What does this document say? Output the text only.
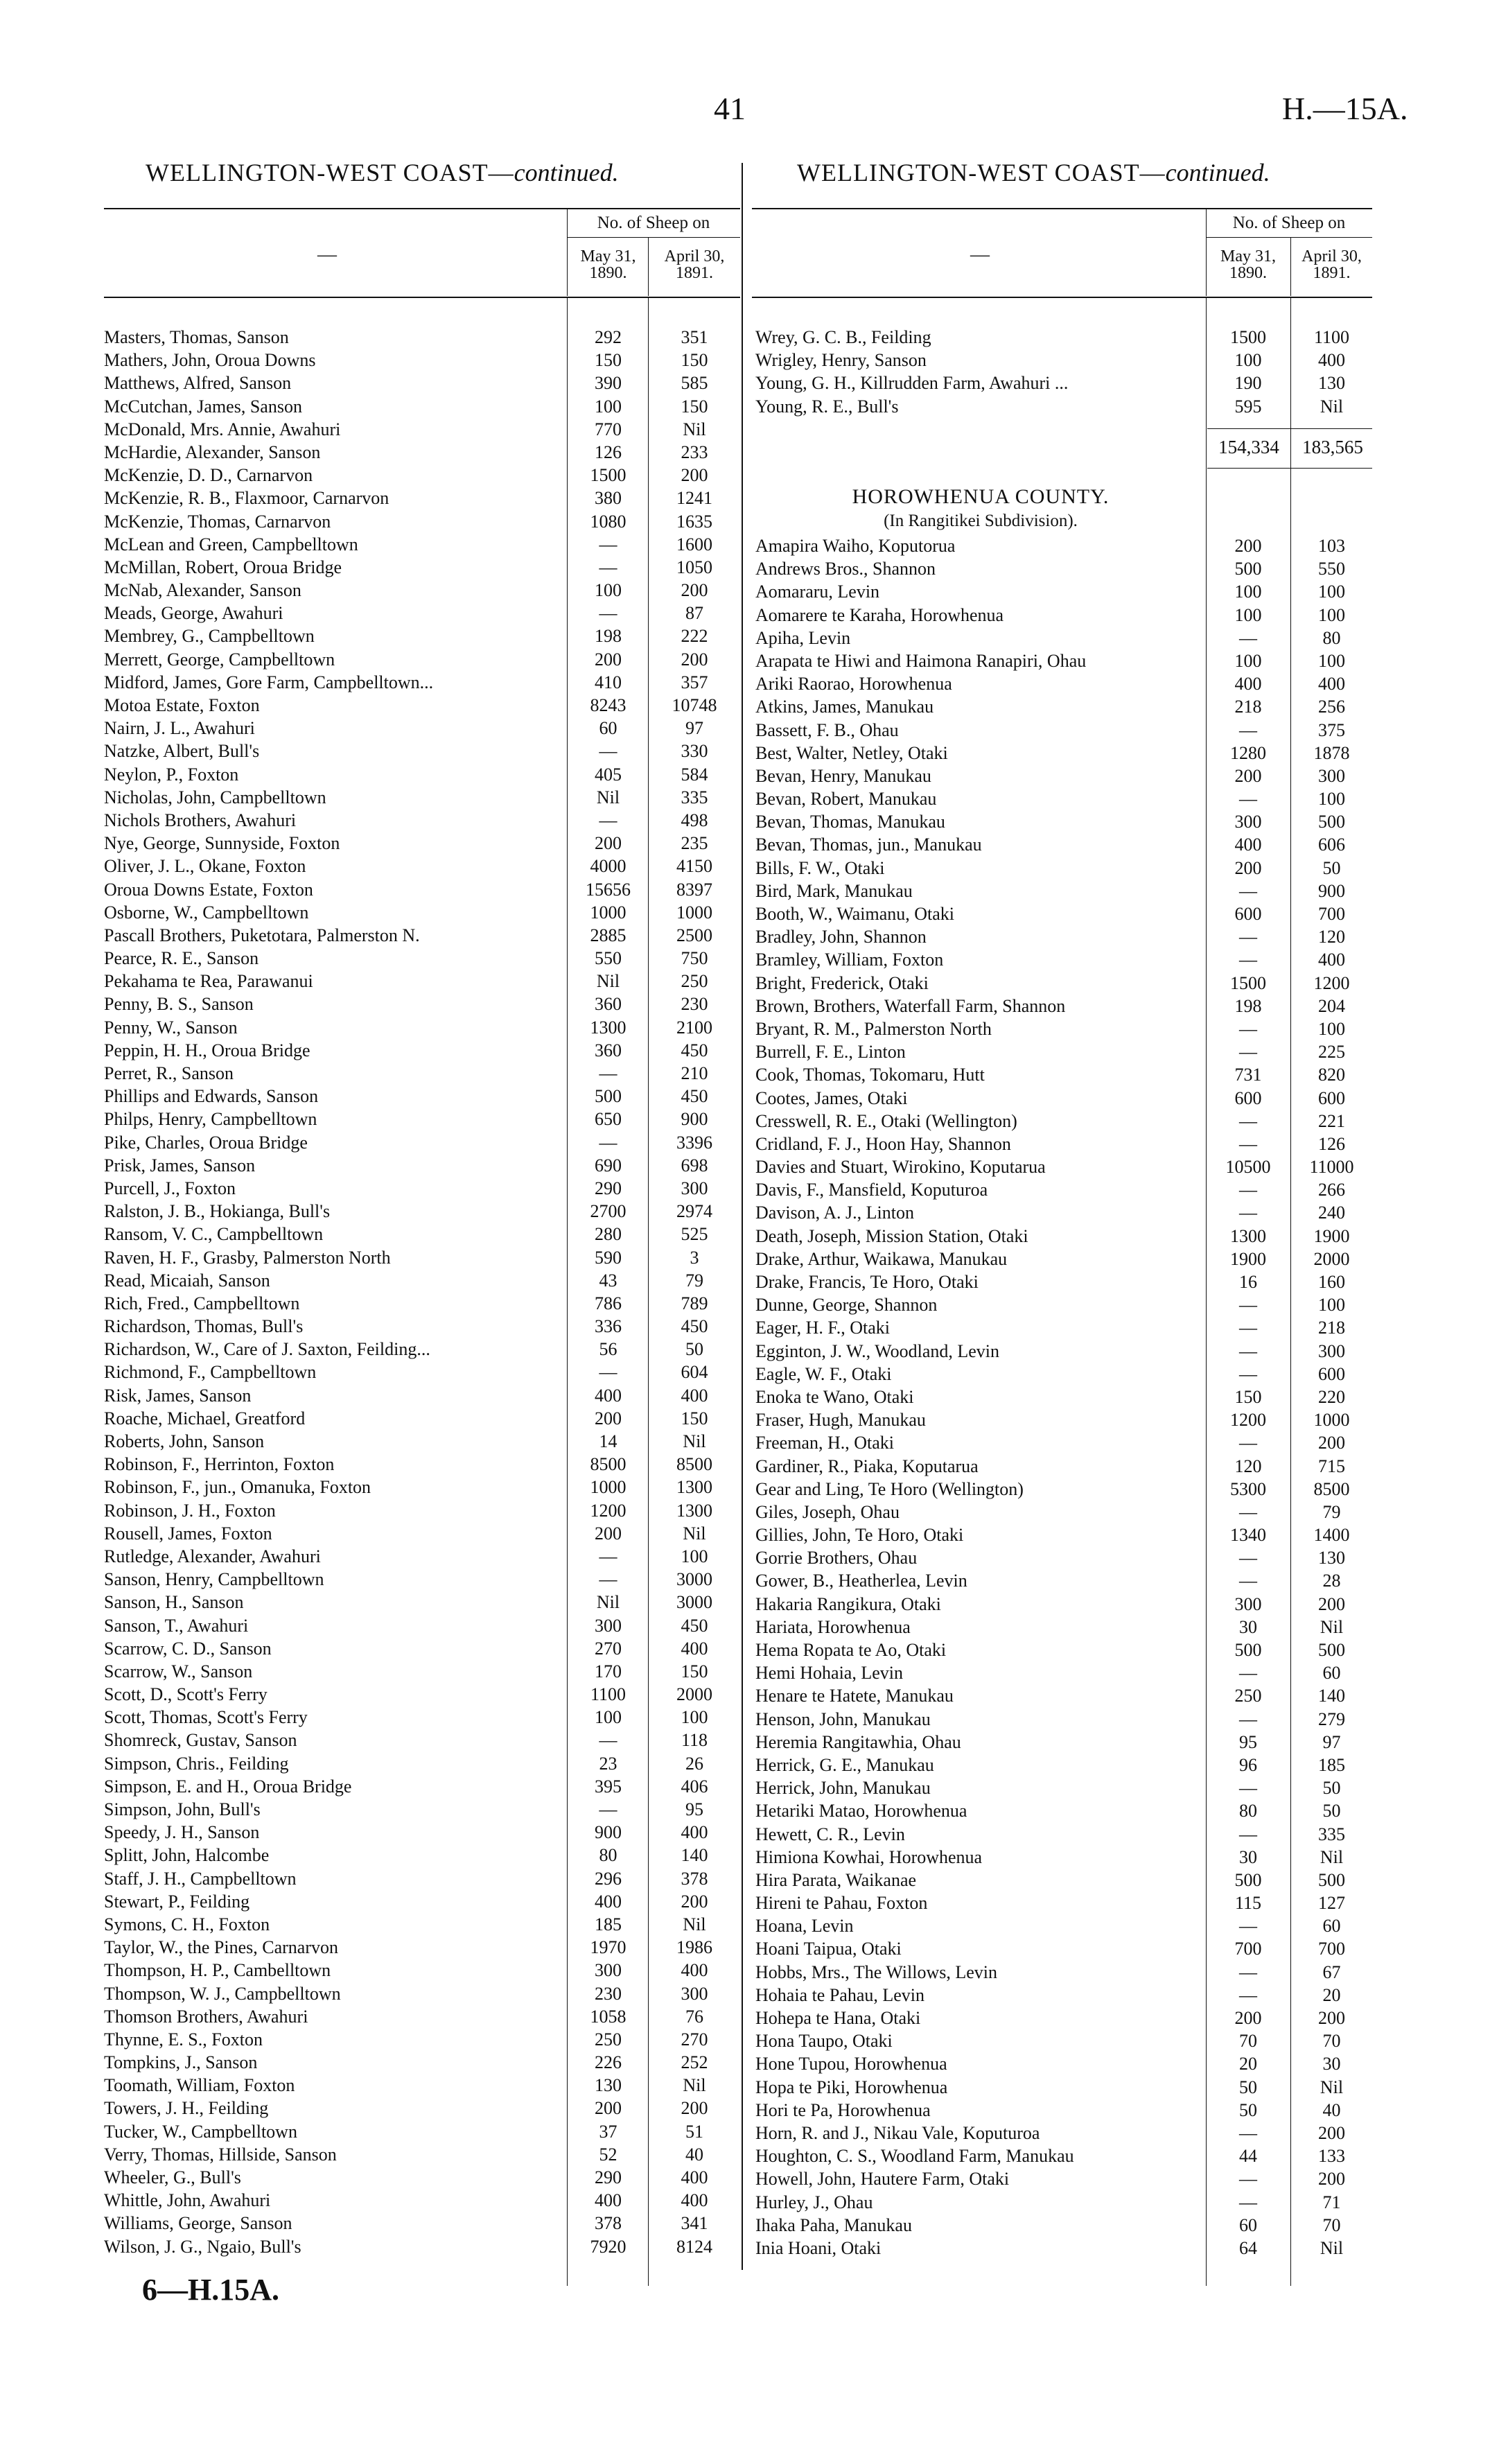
41	H.—15A.
WELLINGTON-WEST COAST—continued.	WELLINGTON-WEST COAST—continued.
No. of Sheep on
May 31, 1890.
April 30, 1891.
—
Masters, Thomas, Sanson	292	351
Mathers, John, Oroua Downs	150	150
Matthews, Alfred, Sanson	390	585
McCutchan, James, Sanson	100	150
McDonald, Mrs. Annie, Awahuri	770	Nil
McHardie, Alexander, Sanson	126	233
McKenzie, D. D., Carnarvon	1500	200
McKenzie, R. B., Flaxmoor, Carnarvon	380	1241
McKenzie, Thomas, Carnarvon	1080	1635
McLean and Green, Campbelltown	—	1600
McMillan, Robert, Oroua Bridge	—	1050
McNab, Alexander, Sanson	100	200
Meads, George, Awahuri	—	87
Membrey, G., Campbelltown	198	222
Merrett, George, Campbelltown	200	200
Midford, James, Gore Farm, Campbelltown...	410	357
Motoa Estate, Foxton	8243	10748
Nairn, J. L., Awahuri	60	97
Natzke, Albert, Bull's	—	330
Neylon, P., Foxton	405	584
Nicholas, John, Campbelltown	Nil	335
Nichols Brothers, Awahuri	—	498
Nye, George, Sunnyside, Foxton	200	235
Oliver, J. L., Okane, Foxton	4000	4150
Oroua Downs Estate, Foxton	15656	8397
Osborne, W., Campbelltown	1000	1000
Pascall Brothers, Puketotara, Palmerston N.	2885	2500
Pearce, R. E., Sanson	550	750
Pekahama te Rea, Parawanui	Nil	250
Penny, B. S., Sanson	360	230
Penny, W., Sanson	1300	2100
Peppin, H. H., Oroua Bridge	360	450
Perret, R., Sanson	—	210
Phillips and Edwards, Sanson	500	450
Philps, Henry, Campbelltown	650	900
Pike, Charles, Oroua Bridge	—	3396
Prisk, James, Sanson	690	698
Purcell, J., Foxton	290	300
Ralston, J. B., Hokianga, Bull's	2700	2974
Ransom, V. C., Campbelltown	280	525
Raven, H. F., Grasby, Palmerston North	590	3
Read, Micaiah, Sanson	43	79
Rich, Fred., Campbelltown	786	789
Richardson, Thomas, Bull's	336	450
Richardson, W., Care of J. Saxton, Feilding...	56	50
Richmond, F., Campbelltown	—	604
Risk, James, Sanson	400	400
Roache, Michael, Greatford	200	150
Roberts, John, Sanson	14	Nil
Robinson, F., Herrinton, Foxton	8500	8500
Robinson, F., jun., Omanuka, Foxton	1000	1300
Robinson, J. H., Foxton	1200	1300
Rousell, James, Foxton	200	Nil
Rutledge, Alexander, Awahuri	—	100
Sanson, Henry, Campbelltown	—	3000
Sanson, H., Sanson	Nil	3000
Sanson, T., Awahuri	300	450
Scarrow, C. D., Sanson	270	400
Scarrow, W., Sanson	170	150
Scott, D., Scott's Ferry	1100	2000
Scott, Thomas, Scott's Ferry	100	100
Shomreck, Gustav, Sanson	—	118
Simpson, Chris., Feilding	23	26
Simpson, E. and H., Oroua Bridge	395	406
Simpson, John, Bull's	—	95
Speedy, J. H., Sanson	900	400
Splitt, John, Halcombe	80	140
Staff, J. H., Campbelltown	296	378
Stewart, P., Feilding	400	200
Symons, C. H., Foxton	185	Nil
Taylor, W., the Pines, Carnarvon	1970	1986
Thompson, H. P., Cambelltown	300	400
Thompson, W. J., Campbelltown	230	300
Thomson Brothers, Awahuri	1058	76
Thynne, E. S., Foxton	250	270
Tompkins, J., Sanson	226	252
Toomath, William, Foxton	130	Nil
Towers, J. H., Feilding	200	200
Tucker, W., Campbelltown	37	51
Verry, Thomas, Hillside, Sanson	52	40
Wheeler, G., Bull's	290	400
Whittle, John, Awahuri	400	400
Williams, George, Sanson	378	341
Wilson, J. G., Ngaio, Bull's	7920	8124
No. of Sheep on
May 31, 1890.
April 30, 1891.
—
Wrey, G. C. B., Feilding	1500	1100
Wrigley, Henry, Sanson	100	400
Young, G. H., Killrudden Farm, Awahuri ...	190	130
Young, R. E., Bull's	595	Nil
154,334	183,565
HOROWHENUA COUNTY.
(In Rangitikei Subdivision).
Amapira Waiho, Koputorua	200	103
Andrews Bros., Shannon	500	550
Aomararu, Levin	100	100
Aomarere te Karaha, Horowhenua	100	100
Apiha, Levin	—	80
Arapata te Hiwi and Haimona Ranapiri, Ohau	100	100
Ariki Raorao, Horowhenua	400	400
Atkins, James, Manukau	218	256
Bassett, F. B., Ohau	—	375
Best, Walter, Netley, Otaki	1280	1878
Bevan, Henry, Manukau	200	300
Bevan, Robert, Manukau	—	100
Bevan, Thomas, Manukau	300	500
Bevan, Thomas, jun., Manukau	400	606
Bills, F. W., Otaki	200	50
Bird, Mark, Manukau	—	900
Booth, W., Waimanu, Otaki	600	700
Bradley, John, Shannon	—	120
Bramley, William, Foxton	—	400
Bright, Frederick, Otaki	1500	1200
Brown, Brothers, Waterfall Farm, Shannon	198	204
Bryant, R. M., Palmerston North	—	100
Burrell, F. E., Linton	—	225
Cook, Thomas, Tokomaru, Hutt	731	820
Cootes, James, Otaki	600	600
Cresswell, R. E., Otaki (Wellington)	—	221
Cridland, F. J., Hoon Hay, Shannon	—	126
Davies and Stuart, Wirokino, Koputarua	10500	11000
Davis, F., Mansfield, Koputuroa	—	266
Davison, A. J., Linton	—	240
Death, Joseph, Mission Station, Otaki	1300	1900
Drake, Arthur, Waikawa, Manukau	1900	2000
Drake, Francis, Te Horo, Otaki	16	160
Dunne, George, Shannon	—	100
Eager, H. F., Otaki	—	218
Egginton, J. W., Woodland, Levin	—	300
Eagle, W. F., Otaki	—	600
Enoka te Wano, Otaki	150	220
Fraser, Hugh, Manukau	1200	1000
Freeman, H., Otaki	—	200
Gardiner, R., Piaka, Koputarua	120	715
Gear and Ling, Te Horo (Wellington)	5300	8500
Giles, Joseph, Ohau	—	79
Gillies, John, Te Horo, Otaki	1340	1400
Gorrie Brothers, Ohau	—	130
Gower, B., Heatherlea, Levin	—	28
Hakaria Rangikura, Otaki	300	200
Hariata, Horowhenua	30	Nil
Hema Ropata te Ao, Otaki	500	500
Hemi Hohaia, Levin	—	60
Henare te Hatete, Manukau	250	140
Henson, John, Manukau	—	279
Heremia Rangitawhia, Ohau	95	97
Herrick, G. E., Manukau	96	185
Herrick, John, Manukau	—	50
Hetariki Matao, Horowhenua	80	50
Hewett, C. R., Levin	—	335
Himiona Kowhai, Horowhenua	30	Nil
Hira Parata, Waikanae	500	500
Hireni te Pahau, Foxton	115	127
Hoana, Levin	—	60
Hoani Taipua, Otaki	700	700
Hobbs, Mrs., The Willows, Levin	—	67
Hohaia te Pahau, Levin	—	20
Hohepa te Hana, Otaki	200	200
Hona Taupo, Otaki	70	70
Hone Tupou, Horowhenua	20	30
Hopa te Piki, Horowhenua	50	Nil
Hori te Pa, Horowhenua	50	40
Horn, R. and J., Nikau Vale, Koputuroa	—	200
Houghton, C. S., Woodland Farm, Manukau	44	133
Howell, John, Hautere Farm, Otaki	—	200
Hurley, J., Ohau	—	71
Ihaka Paha, Manukau	60	70
Inia Hoani, Otaki	64	Nil
6—H.15A.
